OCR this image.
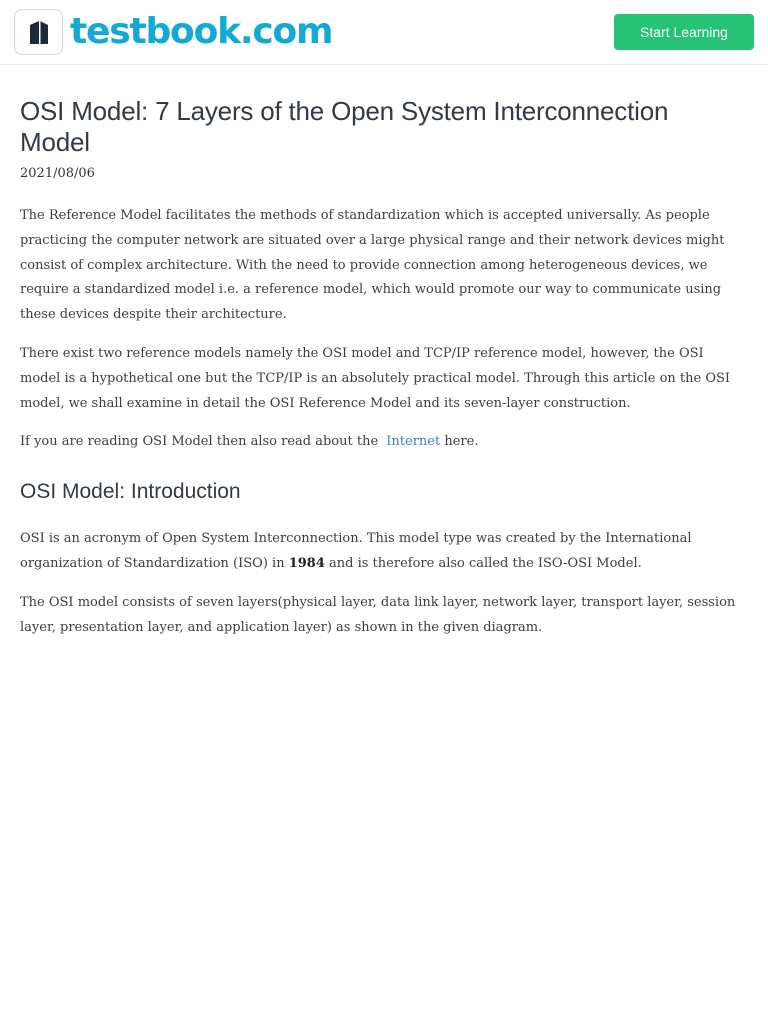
testbook.com	Start Learning
OSI Model: 7 Layers of the Open System Interconnection Model
2021/08/06

The Reference Model facilitates the methods of standardization which is accepted universally. As people practicing the computer network are situated over a large physical range and their network devices might consist of complex architecture. With the need to provide connection among heterogeneous devices, we require a standardized model i.e. a reference model, which would promote our way to communicate using these devices despite their architecture.

There exist two reference models namely the OSI model and TCP/IP reference model, however, the OSI model is a hypothetical one but the TCP/IP is an absolutely practical model. Through this article on the OSI model, we shall examine in detail the OSI Reference Model and its seven-layer construction.

If you are reading OSI Model then also read about the Internet here.

OSI Model: Introduction

OSI is an acronym of Open System Interconnection. This model type was created by the International organization of Standardization (ISO) in 1984 and is therefore also called the ISO-OSI Model.

The OSI model consists of seven layers(physical layer, data link layer, network layer, transport layer, session layer, presentation layer, and application layer) as shown in the given diagram.
